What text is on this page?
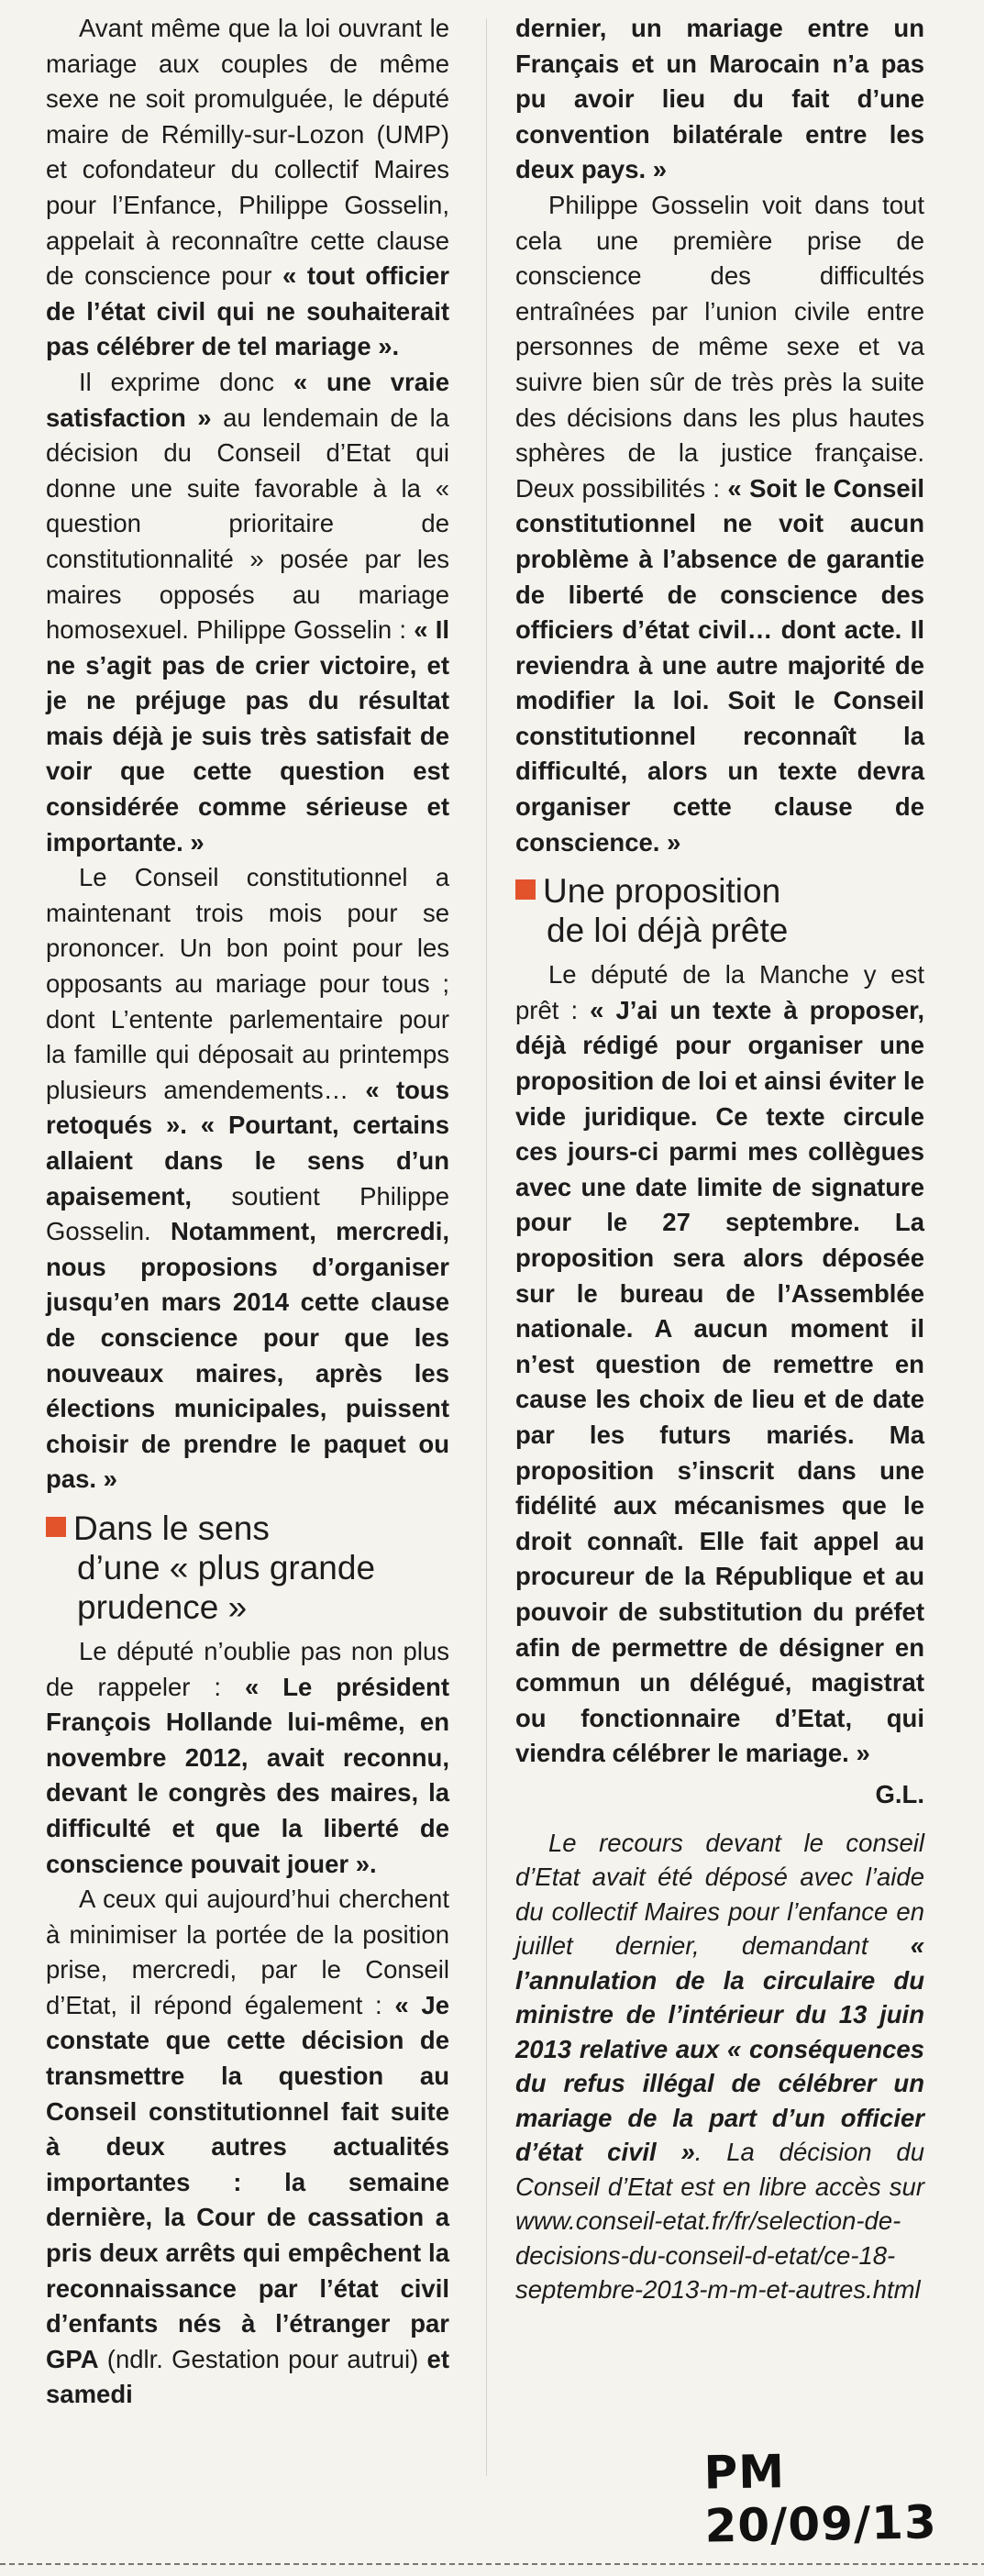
Avant même que la loi ouvrant le mariage aux couples de même sexe ne soit promulguée, le député maire de Rémilly-sur-Lozon (UMP) et cofondateur du collectif Maires pour l’Enfance, Philippe Gosselin, appelait à reconnaître cette clause de conscience pour « tout officier de l’état civil qui ne souhaiterait pas célébrer de tel mariage ».

Il exprime donc « une vraie satisfaction » au lendemain de la décision du Conseil d’Etat qui donne une suite favorable à la « question prioritaire de constitutionnalité » posée par les maires opposés au mariage homosexuel. Philippe Gosselin : « Il ne s’agit pas de crier victoire, et je ne préjuge pas du résultat mais déjà je suis très satisfait de voir que cette question est considérée comme sérieuse et importante. »

Le Conseil constitutionnel a maintenant trois mois pour se prononcer. Un bon point pour les opposants au mariage pour tous ; dont L’entente parlementaire pour la famille qui déposait au printemps plusieurs amendements… « tous retoqués ». « Pourtant, certains allaient dans le sens d’un apaisement, soutient Philippe Gosselin. Notamment, mercredi, nous proposions d’organiser jusqu’en mars 2014 cette clause de conscience pour que les nouveaux maires, après les élections municipales, puissent choisir de prendre le paquet ou pas. »

Dans le sens
d’une « plus grande prudence »

Le député n’oublie pas non plus de rappeler : « Le président François Hollande lui-même, en novembre 2012, avait reconnu, devant le congrès des maires, la difficulté et que la liberté de conscience pouvait jouer ».

A ceux qui aujourd’hui cherchent à minimiser la portée de la position prise, mercredi, par le Conseil d’Etat, il répond également : « Je constate que cette décision de transmettre la question au Conseil constitutionnel fait suite à deux autres actualités importantes : la semaine dernière, la Cour de cassation a pris deux arrêts qui empêchent la reconnaissance par l’état civil d’enfants nés à l’étranger par GPA (ndlr. Gestation pour autrui) et samedi

dernier, un mariage entre un Français et un Marocain n’a pas pu avoir lieu du fait d’une convention bilatérale entre les deux pays. »

Philippe Gosselin voit dans tout cela une première prise de conscience des difficultés entraînées par l’union civile entre personnes de même sexe et va suivre bien sûr de très près la suite des décisions dans les plus hautes sphères de la justice française. Deux possibilités : « Soit le Conseil constitutionnel ne voit aucun problème à l’absence de garantie de liberté de conscience des officiers d’état civil… dont acte. Il reviendra à une autre majorité de modifier la loi. Soit le Conseil constitutionnel reconnaît la difficulté, alors un texte devra organiser cette clause de conscience. »

Une proposition
de loi déjà prête

Le député de la Manche y est prêt : « J’ai un texte à proposer, déjà rédigé pour organiser une proposition de loi et ainsi éviter le vide juridique. Ce texte circule ces jours-ci parmi mes collègues avec une date limite de signature pour le 27 septembre. La proposition sera alors déposée sur le bureau de l’Assemblée nationale. A aucun moment il n’est question de remettre en cause les choix de lieu et de date par les futurs mariés. Ma proposition s’inscrit dans une fidélité aux mécanismes que le droit connaît. Elle fait appel au procureur de la République et au pouvoir de substitution du préfet afin de permettre de désigner en commun un délégué, magistrat ou fonctionnaire d’Etat, qui viendra célébrer le mariage. »

G.L.

Le recours devant le conseil d’Etat avait été déposé avec l’aide du collectif Maires pour l’enfance en juillet dernier, demandant « l’annulation de la circulaire du ministre de l’intérieur du 13 juin 2013 relative aux « conséquences du refus illégal de célébrer un mariage de la part d’un officier d’état civil ». La décision du Conseil d’Etat est en libre accès sur www.conseil-etat.fr/fr/selection-de-decisions-du-conseil-d-etat/ce-18-septembre-2013-m-m-et-autres.html

PM 20/09/13
